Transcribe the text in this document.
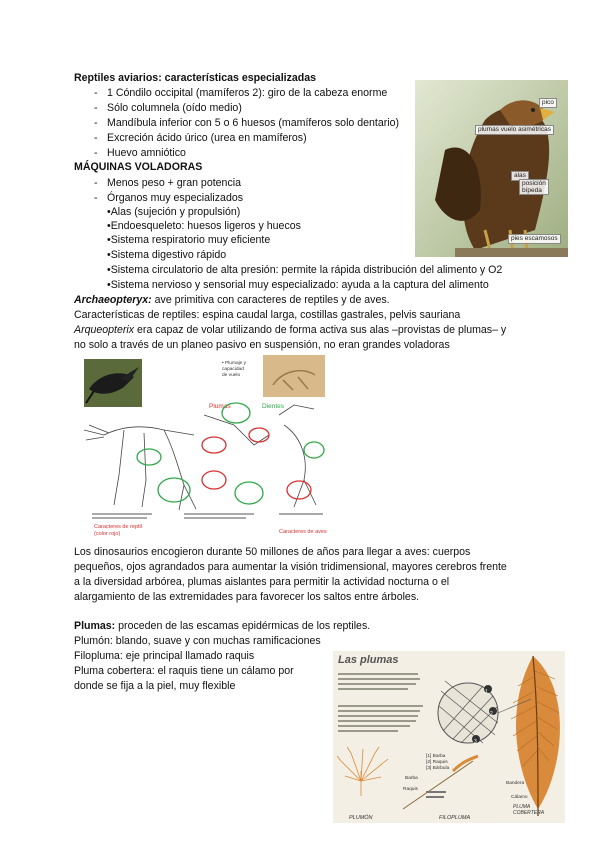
Reptiles aviarios: características especializadas
- 1 Cóndilo occipital (mamíferos 2): giro de la cabeza enorme
- Sólo columnela (oído medio)
- Mandíbula inferior con 5 o 6 huesos (mamíferos solo dentario)
- Excreción ácido úrico (urea en mamíferos)
- Huevo amniótico
MÁQUINAS VOLADORAS
- Menos peso + gran potencia
- Órganos muy especializados
•Alas (sujeción y propulsión)
•Endoesqueleto: huesos ligeros y huecos
•Sistema respiratorio muy eficiente
•Sistema digestivo rápido
•Sistema circulatorio de alta presión: permite la rápida distribución del alimento y O2
•Sistema nervioso y sensorial muy especializado: ayuda a la captura del alimento
pico
plumas vuelo asimétricas
alas
posición
bípeda
pies escamosos
Archaeopteryx: ave primitiva con caracteres de reptiles y de aves.
Características de reptiles: espina caudal larga, costillas gastrales, pelvis sauriana
Arqueopterix era capaz de volar utilizando de forma activa sus alas –provistas de plumas– y
no solo a través de un planeo pasivo en suspensión, no eran grandes voladoras
• Plumaje y
capacidad
de vuelo
Plumas	Dientes
Caracteres de reptil
(color rojo)	Caracteres de aves
Los dinosaurios encogieron durante 50 millones de años para llegar a aves: cuerpos
pequeños, ojos agrandados para aumentar la visión tridimensional, mayores cerebros frente
a la diversidad arbórea, plumas aislantes para permitir la actividad nocturna o el
alargamiento de las extremidades para favorecer los saltos entre árboles.
Plumas: proceden de las escamas epidérmicas de los reptiles.
Plumón: blando, suave y con muchas ramificaciones
Filopluma: eje principal llamado raquis
Pluma cobertera: el raquis tiene un cálamo por
donde se fija a la piel, muy flexible
Las plumas
1
2
3
[1] Barba
[2] Raquis
[3] Bárbula
Barba
Raquis
Bandera
Cálamo
PLUMÓN	FILOPLUMA
PLUMA
COBERTERA
